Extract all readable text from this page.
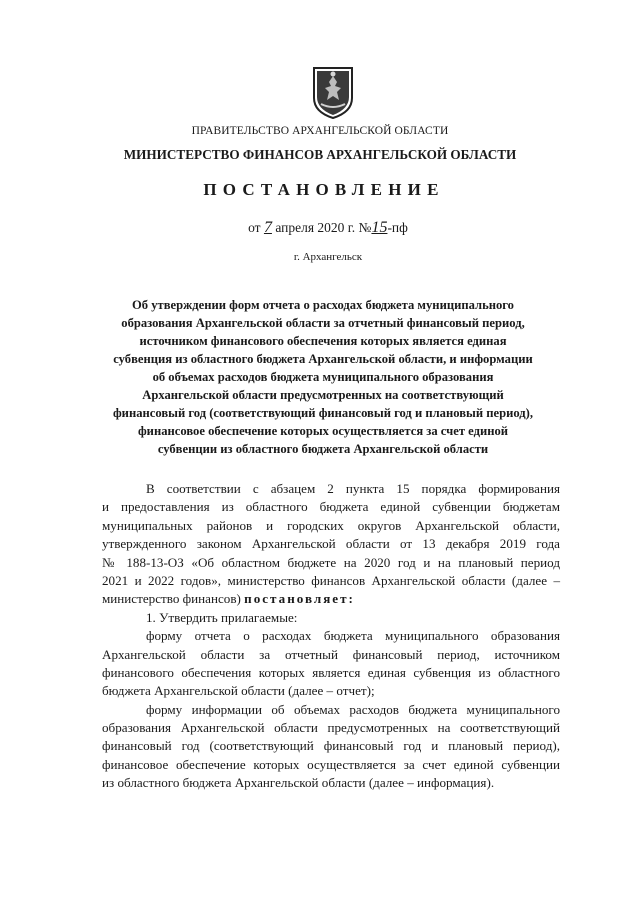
ПРАВИТЕЛЬСТВО АРХАНГЕЛЬСКОЙ ОБЛАСТИ
МИНИСТЕРСТВО ФИНАНСОВ АРХАНГЕЛЬСКОЙ ОБЛАСТИ
ПОСТАНОВЛЕНИЕ
от 7 апреля 2020 г. №15-пф
г. Архангельск
Об утверждении форм отчета о расходах бюджета муниципального
образования Архангельской области за отчетный финансовый период,
источником финансового обеспечения которых является единая
субвенция из областного бюджета Архангельской области, и информации
об объемах расходов бюджета муниципального образования
Архангельской области предусмотренных на соответствующий
финансовый год (соответствующий финансовый год и плановый период),
финансовое обеспечение которых осуществляется за счет единой
субвенции из областного бюджета Архангельской области
В соответствии с абзацем 2 пункта 15 порядка формирования
и предоставления из областного бюджета единой субвенции бюджетам
муниципальных районов и городских округов Архангельской области,
утвержденного законом Архангельской области от 13 декабря 2019 года
№ 188-13-ОЗ «Об областном бюджете на 2020 год и на плановый период
2021 и 2022 годов», министерство финансов Архангельской области (далее –
министерство финансов) постановляет:
1. Утвердить прилагаемые:
форму отчета о расходах бюджета муниципального образования
Архангельской области за отчетный финансовый период, источником
финансового обеспечения которых является единая субвенция из областного
бюджета Архангельской области (далее – отчет);
форму информации об объемах расходов бюджета муниципального
образования Архангельской области предусмотренных на соответствующий
финансовый год (соответствующий финансовый год и плановый период),
финансовое обеспечение которых осуществляется за счет единой субвенции
из областного бюджета Архангельской области (далее – информация).
